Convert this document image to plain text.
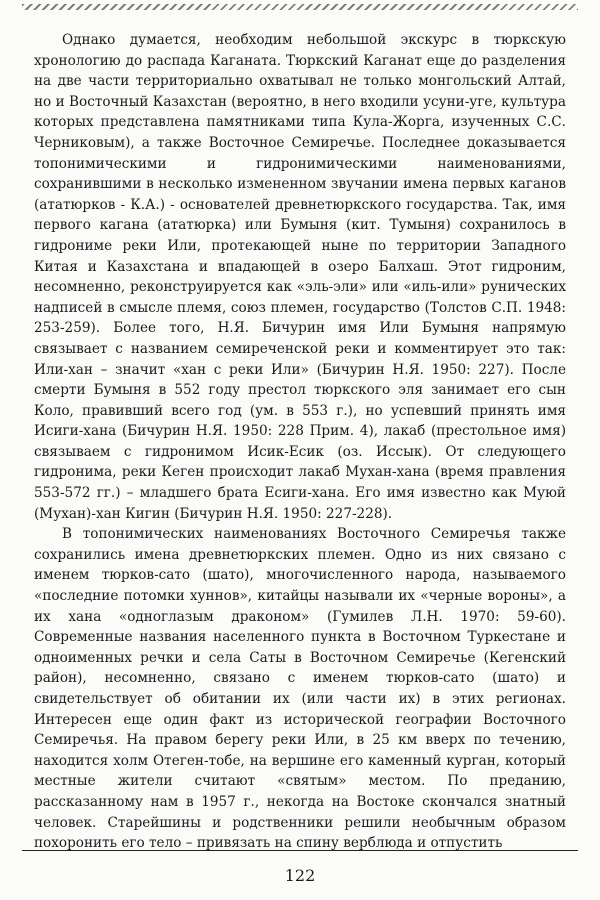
Однако думается, необходим небольшой экскурс в тюркскую хронологию до распада Каганата. Тюркский Каганат еще до разделения на две части территориально охватывал не только монгольский Алтай, но и Восточный Казахстан (вероятно, в него входили усуни-уге, культура которых представлена памятниками типа Кула-Жорга, изученных С.С. Черниковым), а также Восточное Семиречье. Последнее доказывается топонимическими и гидронимическими наименованиями, сохранившими в несколько измененном звучании имена первых каганов (ататюрков - К.А.) - основателей древнетюркского государства. Так, имя первого кагана (ататюрка) или Бумыня (кит. Тумыня) сохранилось в гидрониме реки Или, протекающей ныне по территории Западного Китая и Казахстана и впадающей в озеро Балхаш. Этот гидроним, несомненно, реконструируется как «эль-эли» или «иль-или» рунических надписей в смысле племя, союз племен, государство (Толстов С.П. 1948: 253-259). Более того, Н.Я. Бичурин имя Или Бумыня напрямую связывает с названием семиреченской реки и комментирует это так: Или-хан – значит «хан с реки Или» (Бичурин Н.Я. 1950: 227). После смерти Бумыня в 552 году престол тюркского эля занимает его сын Коло, правивший всего год (ум. в 553 г.), но успевший принять имя Исиги-хана (Бичурин Н.Я. 1950: 228 Прим. 4), лакаб (престольное имя) связываем с гидронимом Исик-Есик (оз. Иссык). От следующего гидронима, реки Кеген происходит лакаб Мухан-хана (время правления 553-572 гг.) – младшего брата Есиги-хана. Его имя известно как Муюй (Мухан)-хан Кигин (Бичурин Н.Я. 1950: 227-228).

В топонимических наименованиях Восточного Семиречья также сохранились имена древнетюркских племен. Одно из них связано с именем тюрков-сато (шато), многочисленного народа, называемого «последние потомки хуннов», китайцы называли их «черные вороны», а их хана «одноглазым драконом» (Гумилев Л.Н. 1970: 59-60). Современные названия населенного пункта в Восточном Туркестане и одноименных речки и села Саты в Восточном Семиречье (Кегенский район), несомненно, связано с именем тюрков-сато (шато) и свидетельствует об обитании их (или части их) в этих регионах. Интересен еще один факт из исторической географии Восточного Семиречья. На правом берегу реки Или, в 25 км вверх по течению, находится холм Отеген-тобе, на вершине его каменный курган, который местные жители считают «святым» местом. По преданию, рассказанному нам в 1957 г., некогда на Востоке скончался знатный человек. Старейшины и родственники решили необычным образом похоронить его тело – привязать на спину верблюда и отпустить

122
